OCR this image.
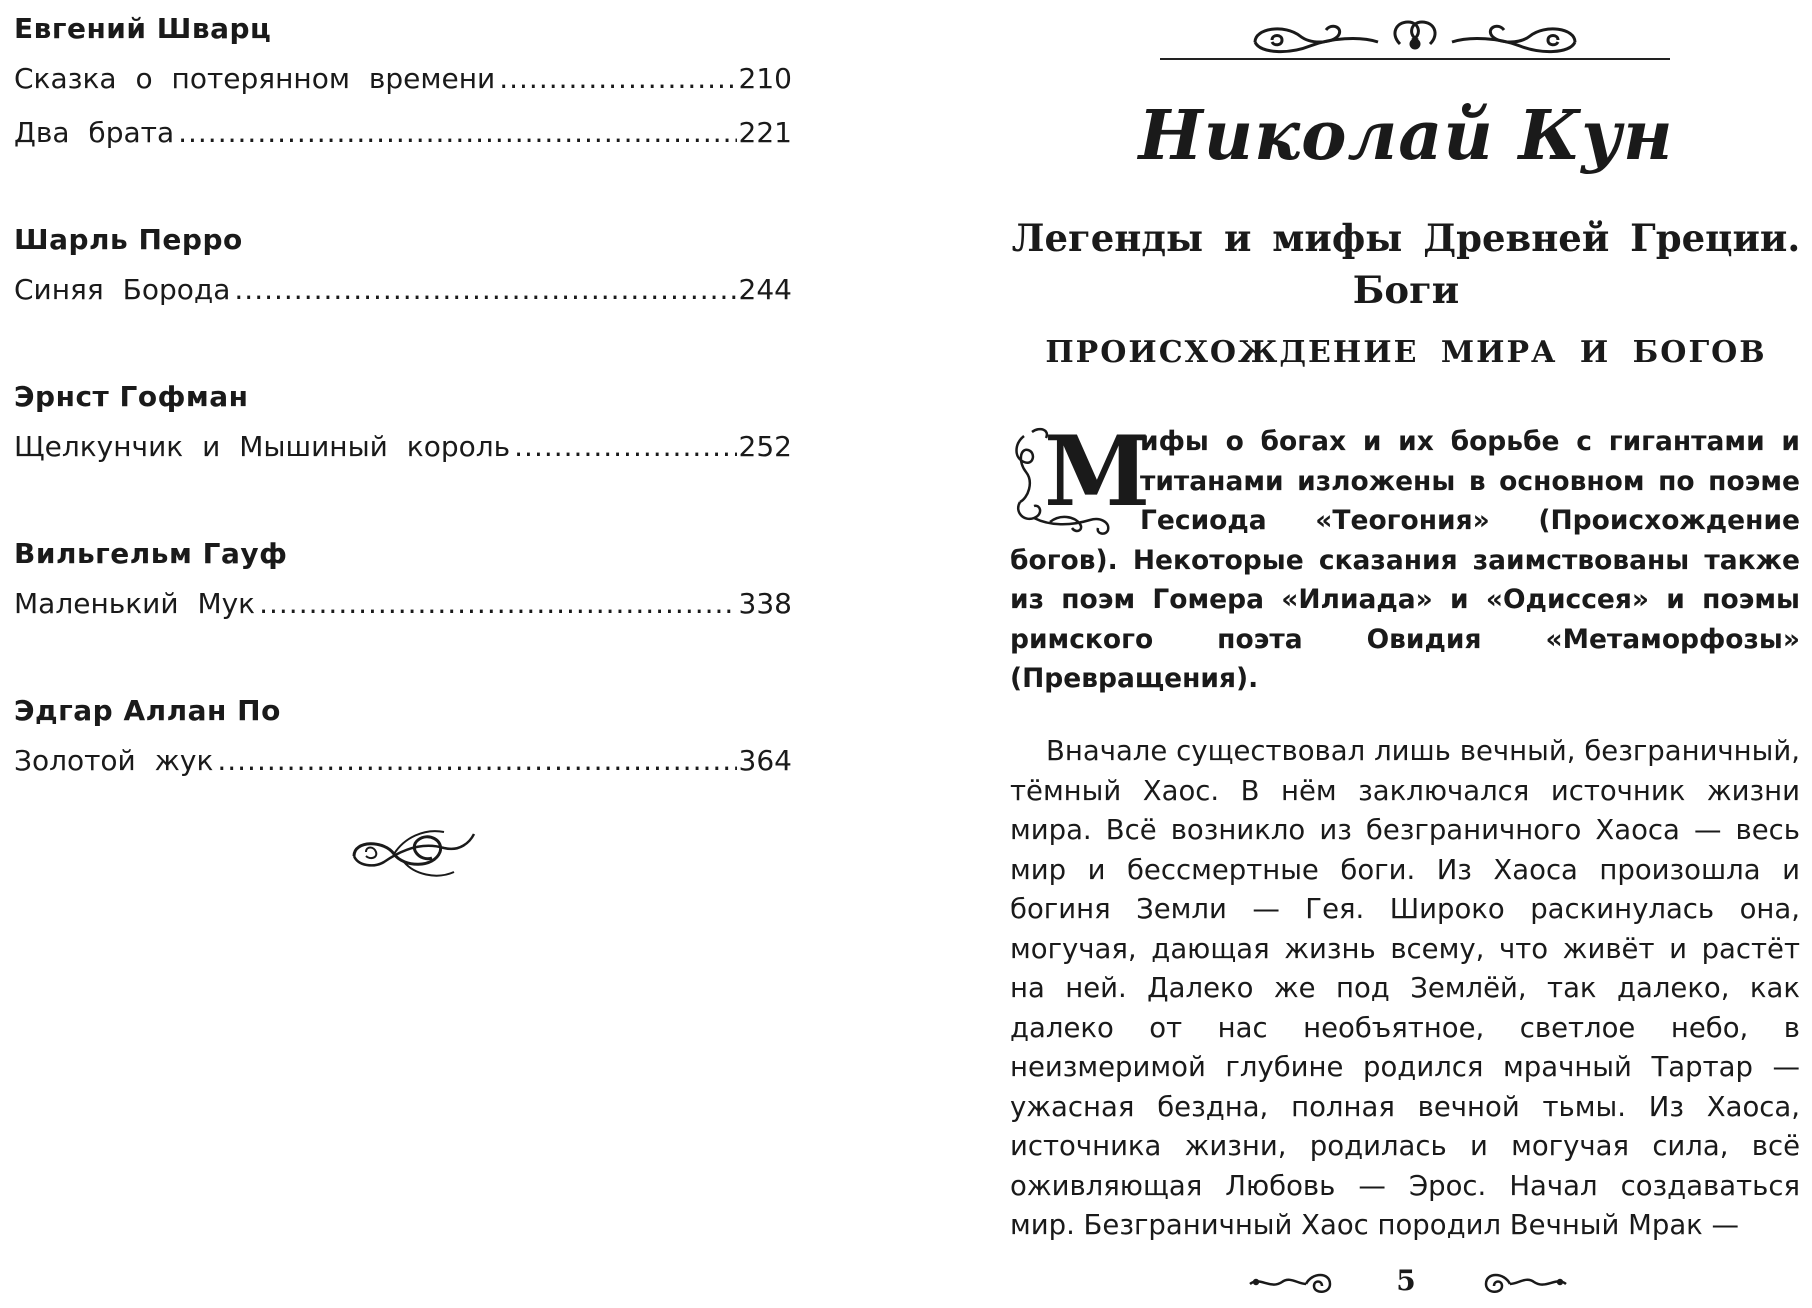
Евгений Шварц
Сказка о потерянном времени .....	210
Два брата .....	221
Шарль Перро
Синяя Борода .....	244
Эрнст Гофман
Щелкунчик и Мышиный король .....	252
Вильгельм Гауф
Маленький Мук .....	338
Эдгар Аллан По
Золотой жук .....	364
Николай Кун
Легенды и мифы Древней Греции.
Боги
ПРОИСХОЖДЕНИЕ МИРА И БОГОВ
М
ифы о богах и их борьбе с гигантами и титанами изложены в основном по поэме Гесиода «Теогония» (Происхождение богов). Некоторые сказания заимствованы также из поэм Гомера «Илиада» и «Одиссея» и поэмы римского поэта Овидия «Метаморфозы» (Превращения).
Вначале существовал лишь вечный, безграничный, тёмный Хаос. В нём заключался источник жизни мира. Всё возникло из безграничного Хаоса — весь мир и бессмертные боги. Из Хаоса произошла и богиня Земли — Гея. Широко раскинулась она, могучая, дающая жизнь всему, что живёт и растёт на ней. Далеко же под Землёй, так далеко, как далеко от нас необъятное, светлое небо, в неизмеримой глубине родился мрачный Тартар — ужасная бездна, полная вечной тьмы. Из Хаоса, источника жизни, родилась и могучая сила, всё оживляющая Любовь — Эрос. Начал создаваться мир. Безграничный Хаос породил Вечный Мрак —
5
